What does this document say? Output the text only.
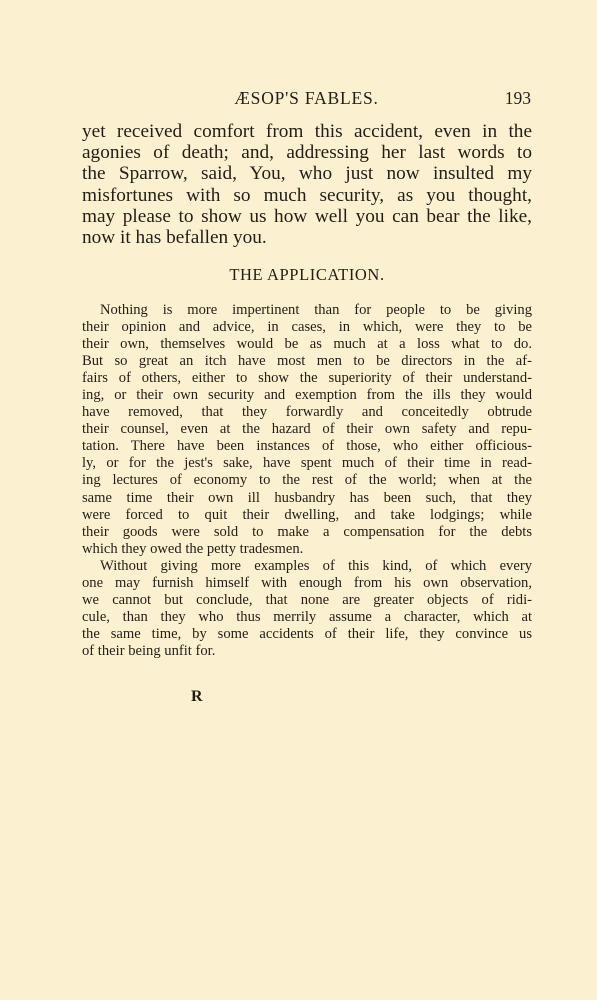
ÆSOP'S FABLES.	193
yet received comfort from this accident, even in the
agonies of death; and, addressing her last words to
the Sparrow, said, You, who just now insulted my
misfortunes with so much security, as you thought,
may please to show us how well you can bear the like,
now it has befallen you.
THE APPLICATION.
Nothing is more impertinent than for people to be giving
their opinion and advice, in cases, in which, were they to be
their own, themselves would be as much at a loss what to do.
But so great an itch have most men to be directors in the af-
fairs of others, either to show the superiority of their understand-
ing, or their own security and exemption from the ills they would
have removed, that they forwardly and conceitedly obtrude
their counsel, even at the hazard of their own safety and repu-
tation. There have been instances of those, who either officious-
ly, or for the jest's sake, have spent much of their time in read-
ing lectures of economy to the rest of the world; when at the
same time their own ill husbandry has been such, that they
were forced to quit their dwelling, and take lodgings; while
their goods were sold to make a compensation for the debts
which they owed the petty tradesmen.
Without giving more examples of this kind, of which every
one may furnish himself with enough from his own observation,
we cannot but conclude, that none are greater objects of ridi-
cule, than they who thus merrily assume a character, which at
the same time, by some accidents of their life, they convince us
of their being unfit for.
R
